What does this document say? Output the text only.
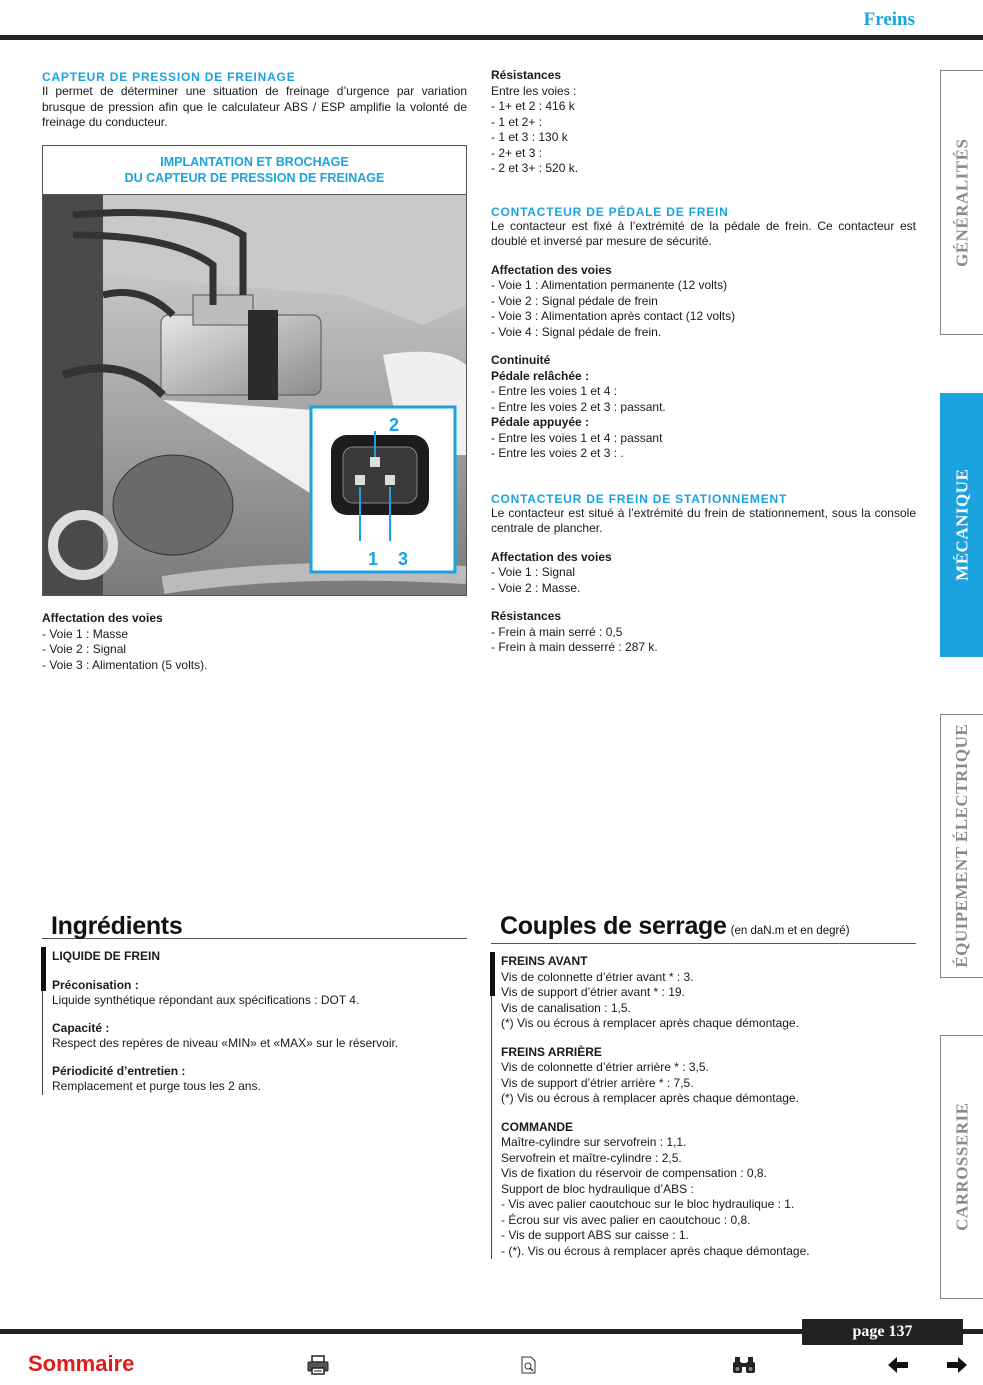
Freins
GÉNÉRALITÉS
MÉCANIQUE
ÉQUIPEMENT ÉLECTRIQUE
CARROSSERIE
CAPTEUR DE PRESSION DE FREINAGE

Il permet de déterminer une situation de freinage d’urgence par variation brusque de pression afin que le calculateur ABS / ESP amplifie la volonté de freinage du conducteur.

IMPLANTATION ET BROCHAGE
DU CAPTEUR DE PRESSION DE FREINAGE
2
1 3
Affectation des voies
- Voie 1 : Masse
- Voie 2 : Signal
- Voie 3 : Alimentation (5 volts).
Résistances
Entre les voies :
- 1+ et 2 : 416 k
- 1 et 2+ :
- 1 et 3 : 130 k
- 2+ et 3 :
- 2 et 3+ : 520 k.
CONTACTEUR DE PÉDALE DE FREIN

Le contacteur est fixé à l’extrémité de la pédale de frein. Ce contacteur est doublé et inversé par mesure de sécurité.

Affectation des voies
- Voie 1 : Alimentation permanente (12 volts)
- Voie 2 : Signal pédale de frein
- Voie 3 : Alimentation après contact (12 volts)
- Voie 4 : Signal pédale de frein.
Continuité
Pédale relâchée :
- Entre les voies 1 et 4 :
- Entre les voies 2 et 3 : passant.
Pédale appuyée :
- Entre les voies 1 et 4 : passant
- Entre les voies 2 et 3 : .
CONTACTEUR DE FREIN DE STATIONNEMENT

Le contacteur est situé à l’extrémité du frein de stationnement, sous la console centrale de plancher.

Affectation des voies
- Voie 1 : Signal
- Voie 2 : Masse.
Résistances
- Frein à main serré : 0,5
- Frein à main desserré : 287 k.
Ingrédients
LIQUIDE DE FREIN
Préconisation :
Liquide synthétique répondant aux spécifications : DOT 4.
Capacité :
Respect des repères de niveau «MIN» et «MAX» sur le réservoir.
Périodicité d’entretien :
Remplacement et purge tous les 2 ans.
Couples de serrage (en daN.m et en degré)
FREINS AVANT
Vis de colonnette d’étrier avant * : 3.
Vis de support d’étrier avant * : 19.
Vis de canalisation : 1,5.
(*) Vis ou écrous à remplacer après chaque démontage.
FREINS ARRIÈRE
Vis de colonnette d’étrier arrière * : 3,5.
Vis de support d’étrier arrière * : 7,5.
(*) Vis ou écrous à remplacer après chaque démontage.
COMMANDE
Maître-cylindre sur servofrein : 1,1.
Servofrein et maître-cylindre : 2,5.
Vis de fixation du réservoir de compensation : 0,8.
Support de bloc hydraulique d’ABS :
- Vis avec palier caoutchouc sur le bloc hydraulique : 1.
- Écrou sur vis avec palier en caoutchouc : 0,8.
- Vis de support ABS sur caisse : 1.
- (*). Vis ou écrous à remplacer après chaque démontage.
page 137
Sommaire
